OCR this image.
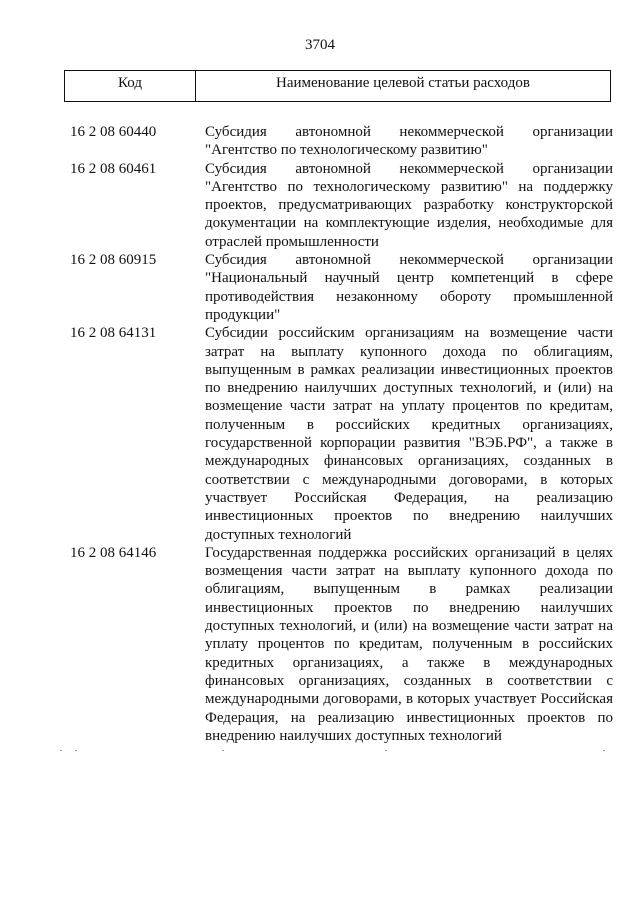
3704
Код	Наименование целевой статьи расходов
16 2 08 60440	Субсидия автономной некоммерческой организации "Агентство по технологическому развитию"
16 2 08 60461	Субсидия автономной некоммерческой организации "Агентство по технологическому развитию" на поддержку проектов, предусматривающих разработку конструкторской документации на комплектующие изделия, необходимые для отраслей промышленности
16 2 08 60915	Субсидия автономной некоммерческой организации "Национальный научный центр компетенций в сфере противодействия незаконному обороту промышленной продукции"
16 2 08 64131	Субсидии российским организациям на возмещение части затрат на выплату купонного дохода по облигациям, выпущенным в рамках реализации инвестиционных проектов по внедрению наилучших доступных технологий, и (или) на возмещение части затрат на уплату процентов по кредитам, полученным в российских кредитных организациях, государственной корпорации развития "ВЭБ.РФ", а также в международных финансовых организациях, созданных в соответствии с международными договорами, в которых участвует Российская Федерация, на реализацию инвестиционных проектов по внедрению наилучших доступных технологий
16 2 08 64146	Государственная поддержка российских организаций в целях возмещения части затрат на выплату купонного дохода по облигациям, выпущенным в рамках реализации инвестиционных проектов по внедрению наилучших доступных технологий, и (или) на возмещение части затрат на уплату процентов по кредитам, полученным в российских кредитных организациях, а также в международных финансовых организациях, созданных в соответствии с международными договорами, в которых участвует Российская Федерация, на реализацию инвестиционных проектов по внедрению наилучших доступных технологий
